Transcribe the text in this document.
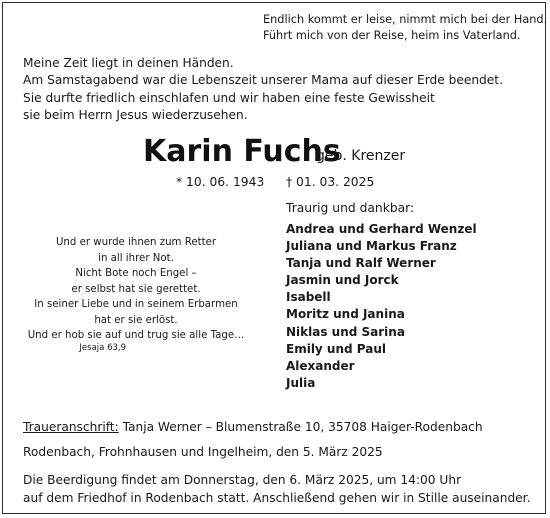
Endlich kommt er leise, nimmt mich bei der Hand.
Führt mich von der Reise, heim ins Vaterland.
Meine Zeit liegt in deinen Händen.
Am Samstagabend war die Lebenszeit unserer Mama auf dieser Erde beendet.
Sie durfte friedlich einschlafen und wir haben eine feste Gewissheit
sie beim Herrn Jesus wiederzusehen.
Karin Fuchs
geb. Krenzer
* 10. 06. 1943 † 01. 03. 2025
Und er wurde ihnen zum Retter
in all ihrer Not.
Nicht Bote noch Engel –
er selbst hat sie gerettet.
In seiner Liebe und in seinem Erbarmen
hat er sie erlöst.
Und er hob sie auf und trug sie alle Tage…
Jesaja 63,9
Traurig und dankbar:
Andrea und Gerhard Wenzel
Juliana und Markus Franz
Tanja und Ralf Werner
Jasmin und Jorck
Isabell
Moritz und Janina
Niklas und Sarina
Emily und Paul
Alexander
Julia
Traueranschrift: Tanja Werner – Blumenstraße 10, 35708 Haiger-Rodenbach
Rodenbach, Frohnhausen und Ingelheim, den 5. März 2025
Die Beerdigung findet am Donnerstag, den 6. März 2025, um 14:00 Uhr
auf dem Friedhof in Rodenbach statt. Anschließend gehen wir in Stille auseinander.
